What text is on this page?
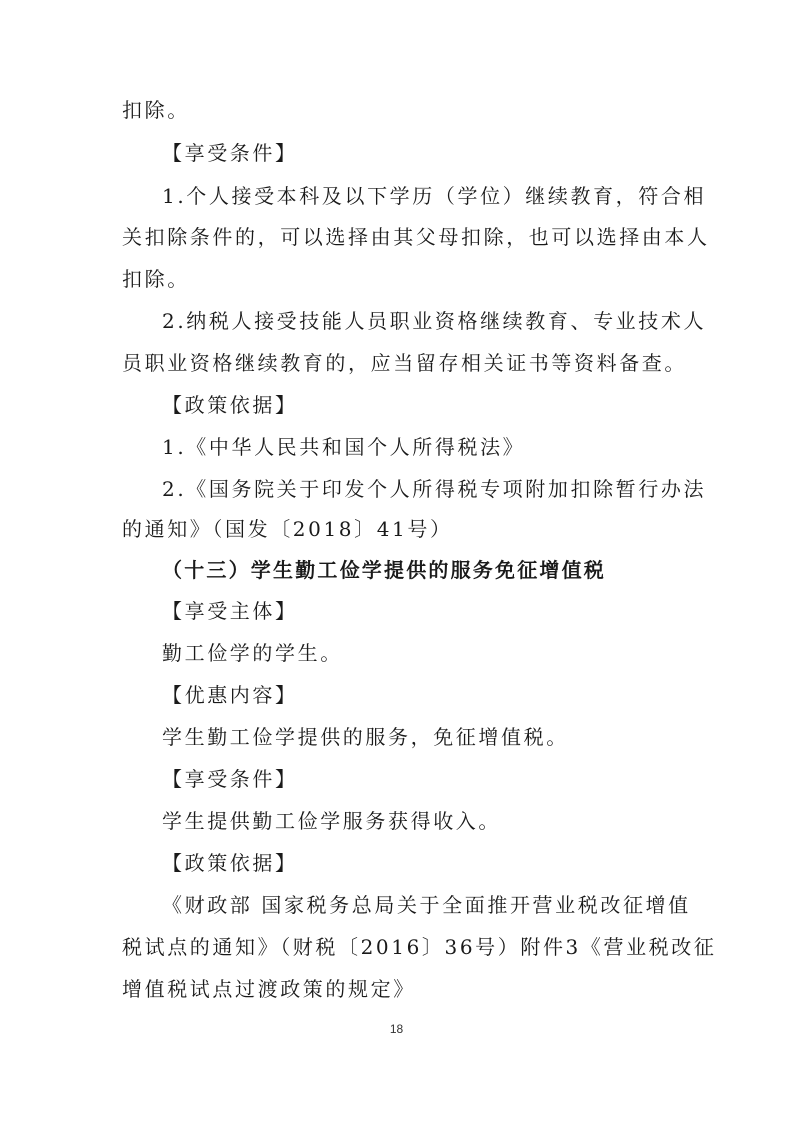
扣除。
【享受条件】
1.个人接受本科及以下学历（学位）继续教育，符合相
关扣除条件的，可以选择由其父母扣除，也可以选择由本人
扣除。
2.纳税人接受技能人员职业资格继续教育、专业技术人
员职业资格继续教育的，应当留存相关证书等资料备查。
【政策依据】
1.《中华人民共和国个人所得税法》
2.《国务院关于印发个人所得税专项附加扣除暂行办法
的通知》（国发〔2018〕41号）
（十三）学生勤工俭学提供的服务免征增值税
【享受主体】
勤工俭学的学生。
【优惠内容】
学生勤工俭学提供的服务，免征增值税。
【享受条件】
学生提供勤工俭学服务获得收入。
【政策依据】
《财政部 国家税务总局关于全面推开营业税改征增值
税试点的通知》（财税〔2016〕36号）附件3《营业税改征
增值税试点过渡政策的规定》
18
